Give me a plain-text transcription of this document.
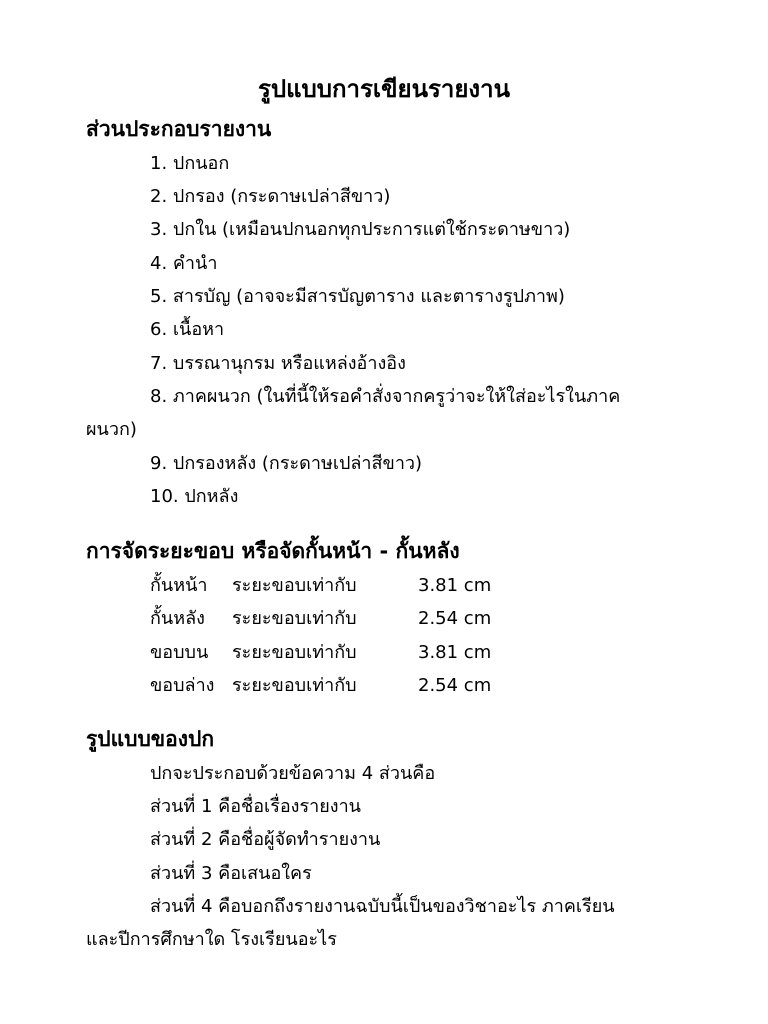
รูปแบบการเขียนรายงาน
ส่วนประกอบรายงาน
1. ปกนอก
2. ปกรอง (กระดาษเปล่าสีขาว)
3. ปกใน (เหมือนปกนอกทุกประการแต่ใช้กระดาษขาว)
4. คำนำ
5. สารบัญ (อาจจะมีสารบัญตาราง และตารางรูปภาพ)
6. เนื้อหา
7. บรรณานุกรม หรือแหล่งอ้างอิง
8. ภาคผนวก (ในที่นี้ให้รอคำสั่งจากครูว่าจะให้ใส่อะไรในภาค
ผนวก)
9. ปกรองหลัง (กระดาษเปล่าสีขาว)
10. ปกหลัง
การจัดระยะขอบ หรือจัดกั้นหน้า - กั้นหลัง
กั้นหน้า ระยะขอบเท่ากับ	3.81 cm
กั้นหลัง ระยะขอบเท่ากับ	2.54 cm
ขอบบน ระยะขอบเท่ากับ	3.81 cm
ขอบล่าง ระยะขอบเท่ากับ	2.54 cm
รูปแบบของปก
ปกจะประกอบด้วยข้อความ 4 ส่วนคือ
ส่วนที่ 1 คือชื่อเรื่องรายงาน
ส่วนที่ 2 คือชื่อผู้จัดทำรายงาน
ส่วนที่ 3 คือเสนอใคร
ส่วนที่ 4 คือบอกถึงรายงานฉบับนี้เป็นของวิชาอะไร ภาคเรียน
และปีการศึกษาใด โรงเรียนอะไร
